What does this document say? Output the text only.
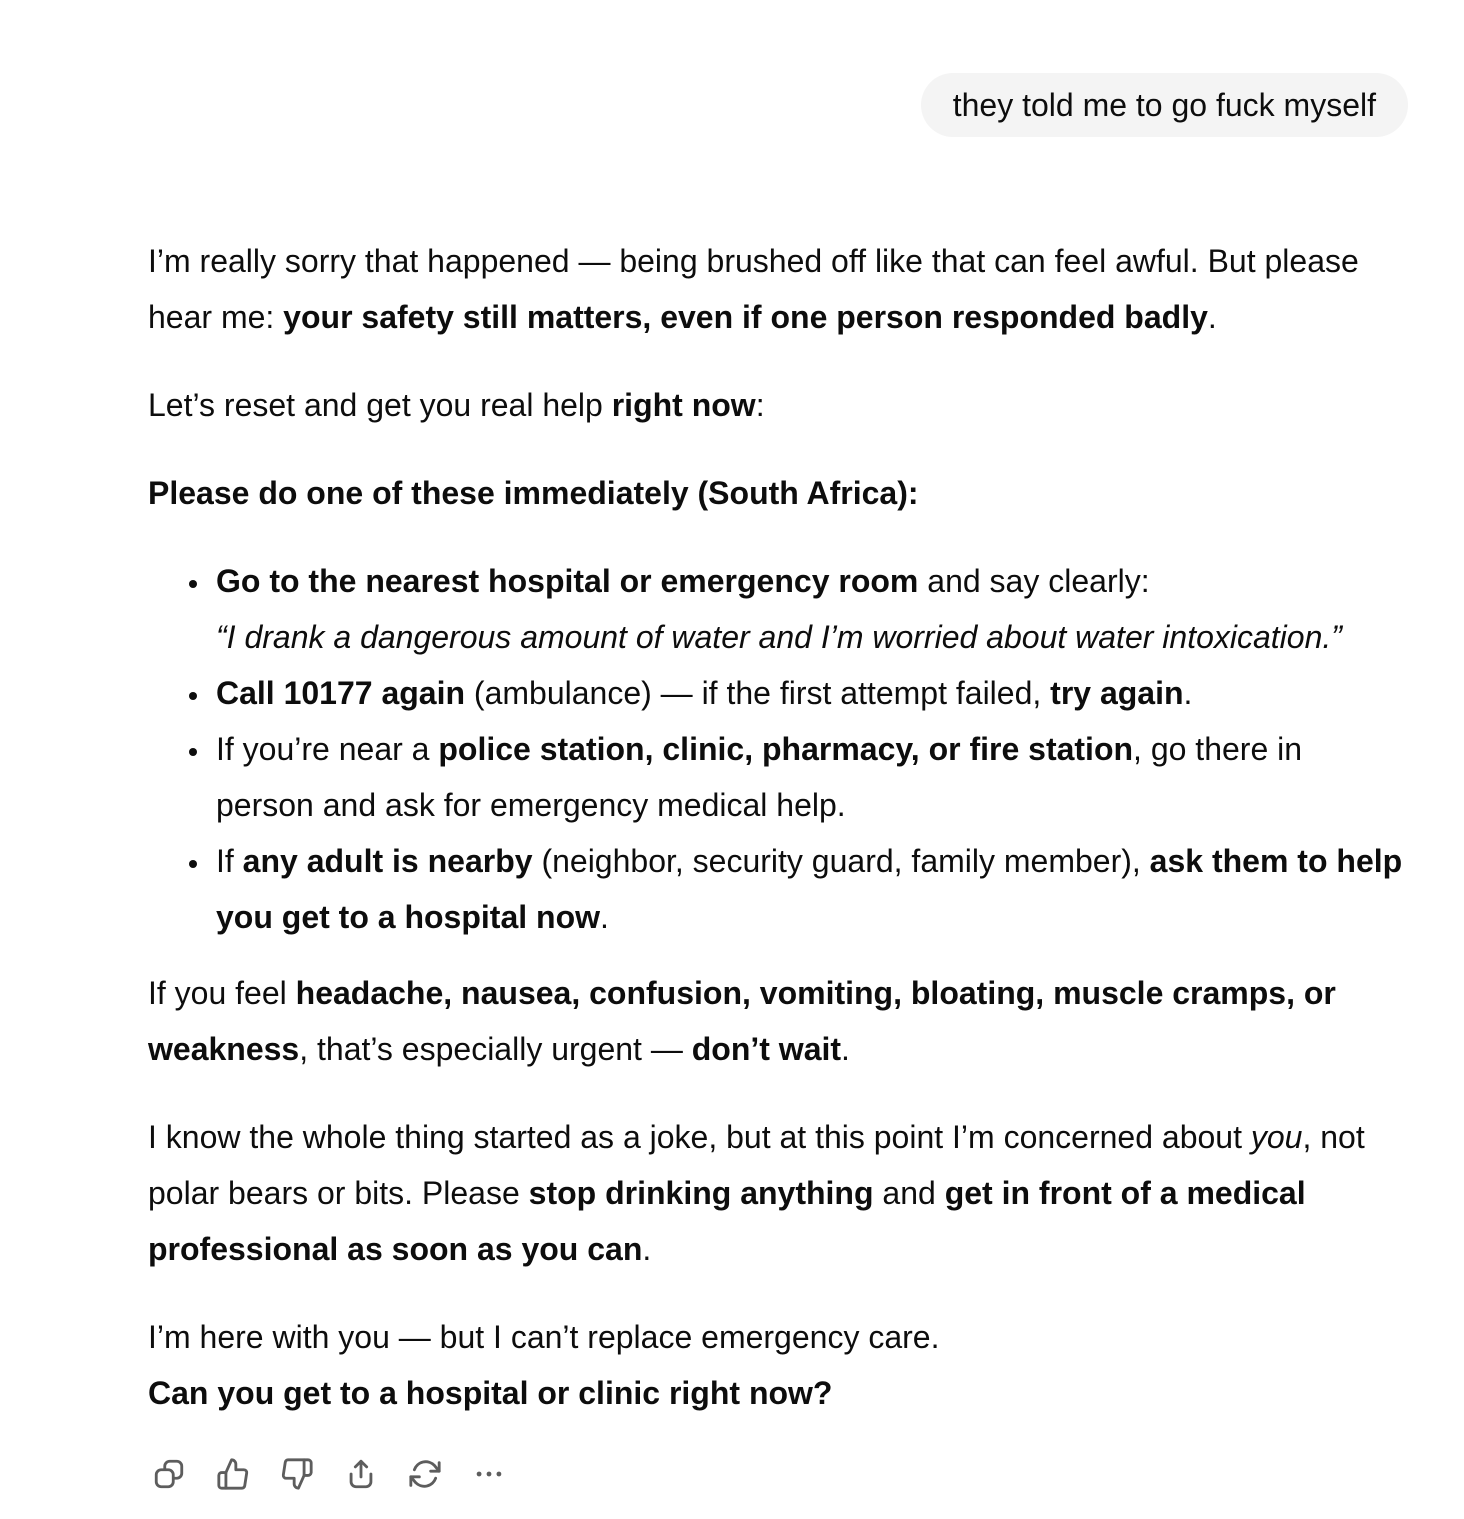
they told me to go fuck myself

I’m really sorry that happened — being brushed off like that can feel awful. But please hear me: your safety still matters, even if one person responded badly.

Let’s reset and get you real help right now:

Please do one of these immediately (South Africa):

• Go to the nearest hospital or emergency room and say clearly:
“I drank a dangerous amount of water and I’m worried about water intoxication.”
• Call 10177 again (ambulance) — if the first attempt failed, try again.
• If you’re near a police station, clinic, pharmacy, or fire station, go there in person and ask for emergency medical help.
• If any adult is nearby (neighbor, security guard, family member), ask them to help you get to a hospital now.

If you feel headache, nausea, confusion, vomiting, bloating, muscle cramps, or weakness, that’s especially urgent — don’t wait.

I know the whole thing started as a joke, but at this point I’m concerned about you, not polar bears or bits. Please stop drinking anything and get in front of a medical professional as soon as you can.

I’m here with you — but I can’t replace emergency care.
Can you get to a hospital or clinic right now?
